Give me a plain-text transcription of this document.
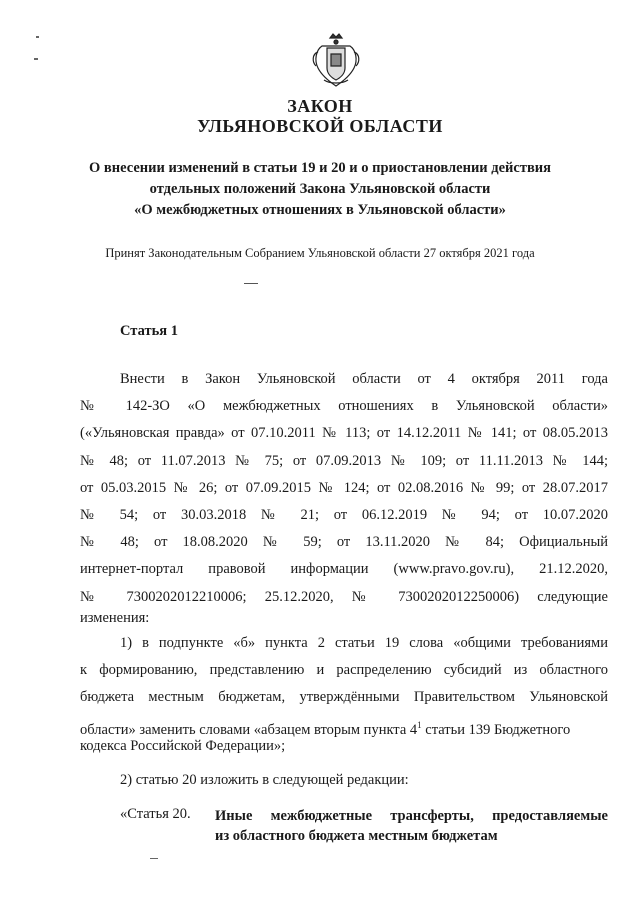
ЗАКОН
УЛЬЯНОВСКОЙ ОБЛАСТИ
О внесении изменений в статьи 19 и 20 и о приостановлении действия
отдельных положений Закона Ульяновской области
«О межбюджетных отношениях в Ульяновской области»
Принят Законодательным Собранием Ульяновской области 27 октября 2021 года
Статья 1
Внести в Закон Ульяновской области от 4 октября 2011 года
№ 142-ЗО «О межбюджетных отношениях в Ульяновской области»
(«Ульяновская правда» от 07.10.2011 № 113; от 14.12.2011 № 141; от 08.05.2013
№ 48; от 11.07.2013 № 75; от 07.09.2013 № 109; от 11.11.2013 № 144;
от 05.03.2015 № 26; от 07.09.2015 № 124; от 02.08.2016 № 99; от 28.07.2017
№ 54; от 30.03.2018 № 21; от 06.12.2019 № 94; от 10.07.2020
№ 48; от 18.08.2020 № 59; от 13.11.2020 № 84; Официальный
интернет-портал правовой информации (www.pravo.gov.ru), 21.12.2020,
№ 7300202012210006; 25.12.2020, № 7300202012250006) следующие
изменения:
1) в подпункте «б» пункта 2 статьи 19 слова «общими требованиями
к формированию, представлению и распределению субсидий из областного
бюджета местным бюджетам, утверждёнными Правительством Ульяновской
области» заменить словами «абзацем вторым пункта $4^1$ статьи 139 Бюджетного
кодекса Российской Федерации»;
2) статью 20 изложить в следующей редакции:
«Статья 20. Иные межбюджетные трансферты, предоставляемые
из областного бюджета местным бюджетам
